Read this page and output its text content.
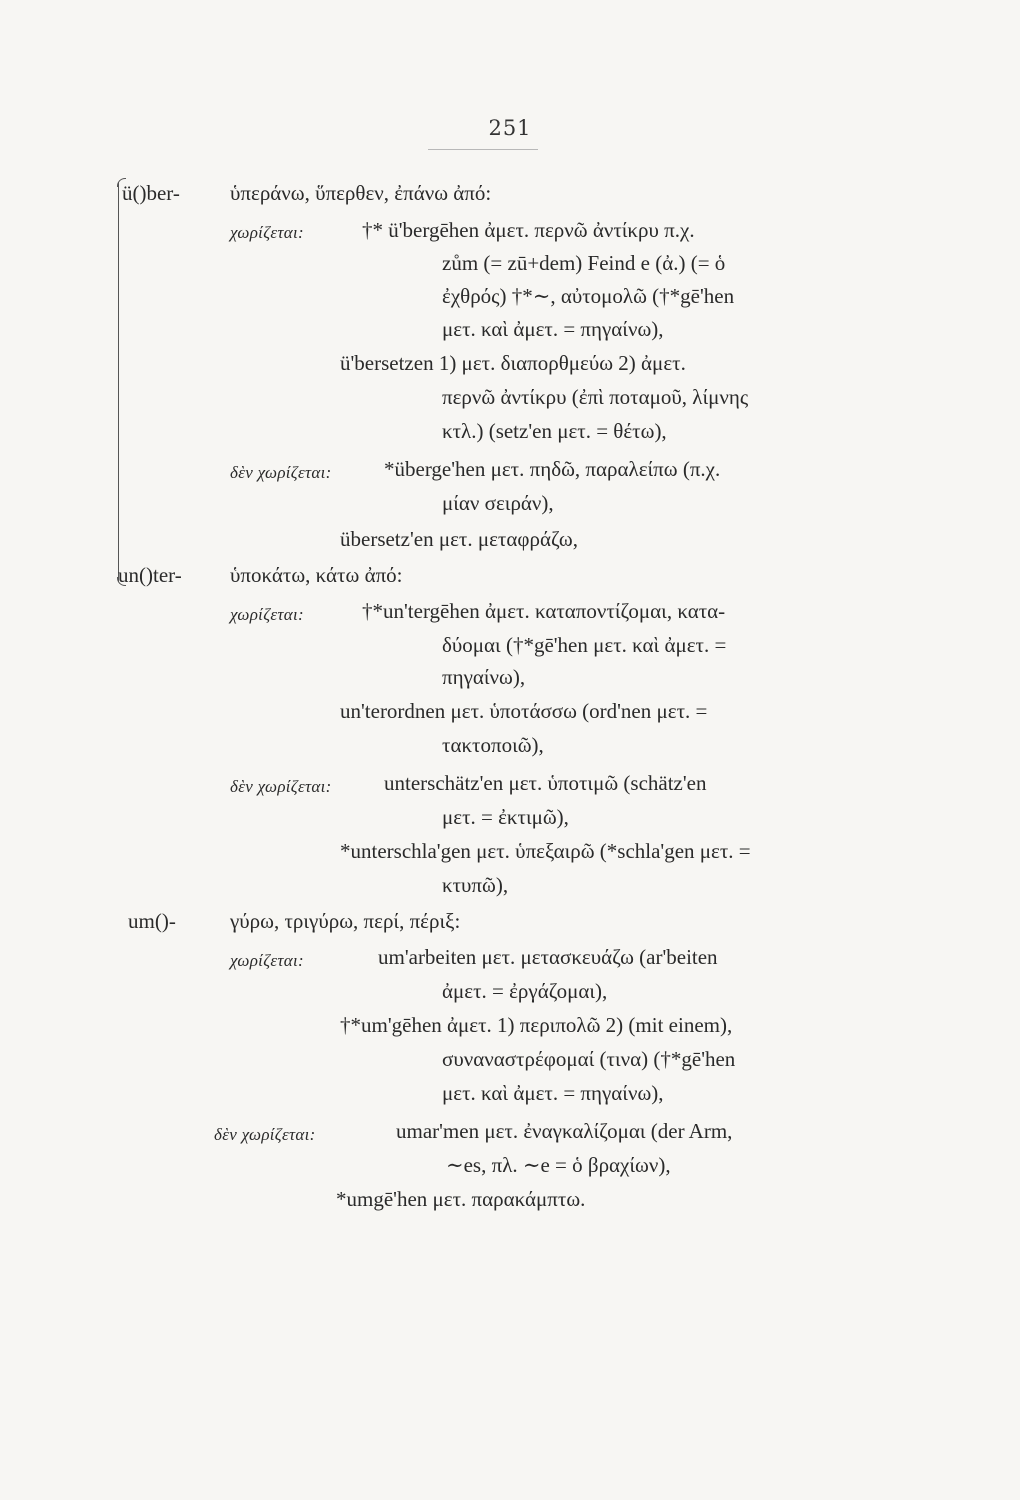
251
ü()ber- ὑπεράνω, ὕπερθεν, ἐπάνω ἀπό:
χωρίζεται:	†* ü'bergēhen ἀμετ. περνῶ ἀντίκρυ π.χ.
zům (= zū+dem) Feind e (ἀ.) (= ὁ
ἐχθρός) †*∼, αὐτομολῶ (†*gē'hen
μετ. καὶ ἀμετ. = πηγαίνω),
ü'bersetzen 1) μετ. διαπορθμεύω 2) ἀμετ.
περνῶ ἀντίκρυ (ἐπὶ ποταμοῦ, λίμνης
κτλ.) (setz'en μετ. = θέτω),
δὲν χωρίζεται: *überge'hen μετ. πηδῶ, παραλείπω (π.χ.
μίαν σειράν),
übersetz'en μετ. μεταφράζω,
un()ter- ὑποκάτω, κάτω ἀπό:
χωρίζεται:	†*un'tergēhen ἀμετ. καταποντίζομαι, κατα-
δύομαι (†*gē'hen μετ. καὶ ἀμετ. =
πηγαίνω),
un'terordnen μετ. ὑποτάσσω (ord'nen μετ. =
τακτοποιῶ),
δὲν χωρίζεται: unterschätz'en μετ. ὑποτιμῶ (schätz'en
μετ. = ἐκτιμῶ),
*unterschla'gen μετ. ὑπεξαιρῶ (*schla'gen μετ. =
κτυπῶ),
um()-	γύρω, τριγύρω, περί, πέριξ:
χωρίζεται:	um'arbeiten μετ. μετασκευάζω (ar'beiten
ἀμετ. = ἐργάζομαι),
†*um'gēhen ἀμετ. 1) περιπολῶ 2) (mit einem),
συναναστρέφομαί (τινα) (†*gē'hen
μετ. καὶ ἀμετ. = πηγαίνω),
δὲν χωρίζεται:	umar'men μετ. ἐναγκαλίζομαι (der Arm,
∼es, πλ. ∼e = ὁ βραχίων),
*umgē'hen μετ. παρακάμπτω.
